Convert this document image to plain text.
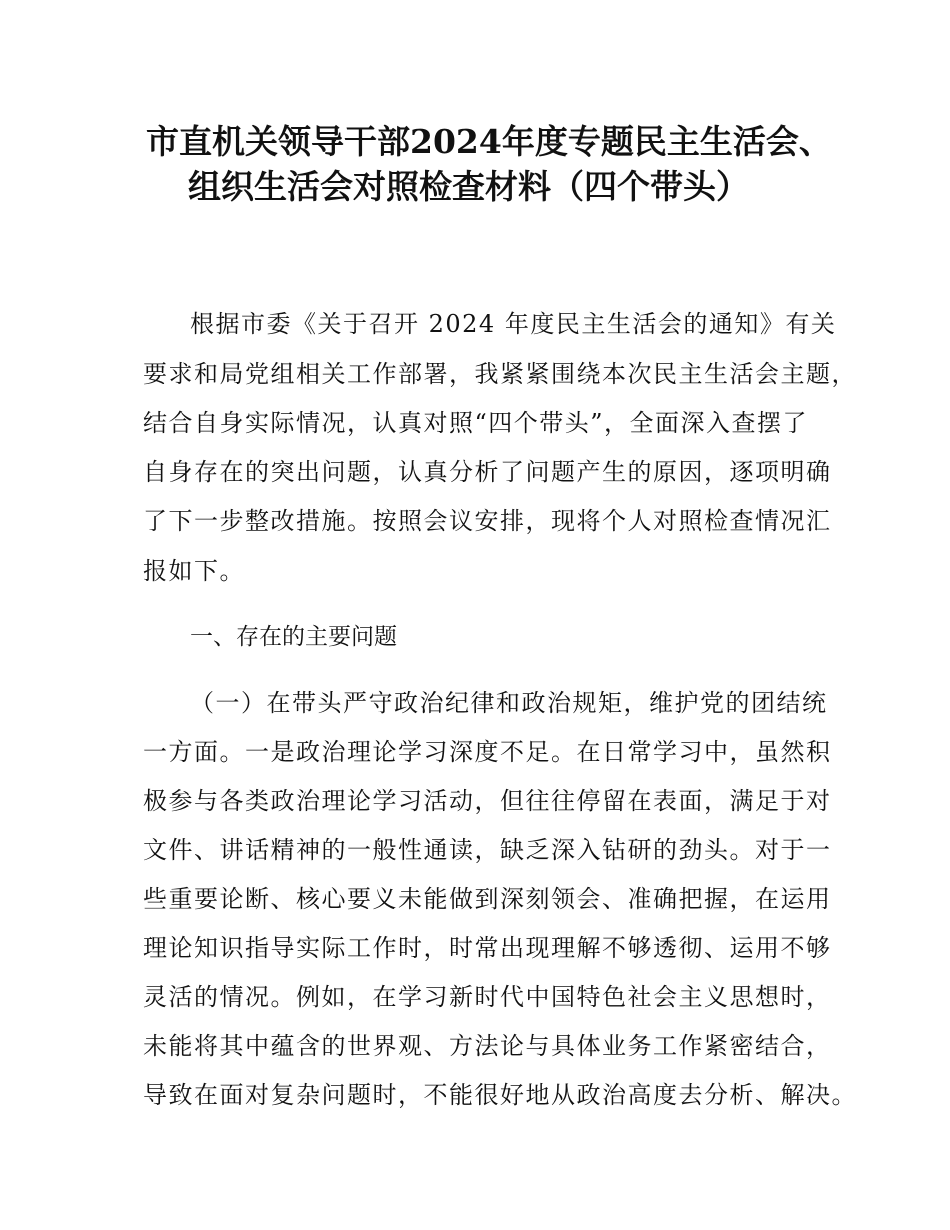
市直机关领导干部2024年度专题民主生活会、
组织生活会对照检查材料（四个带头）
根据市委《关于召开 2024 年度民主生活会的通知》有关
要求和局党组相关工作部署，我紧紧围绕本次民主生活会主题，
结合自身实际情况，认真对照“四个带头”，全面深入查摆了
自身存在的突出问题，认真分析了问题产生的原因，逐项明确
了下一步整改措施。按照会议安排，现将个人对照检查情况汇
报如下。
一、存在的主要问题
（一）在带头严守政治纪律和政治规矩，维护党的团结统
一方面。一是政治理论学习深度不足。在日常学习中，虽然积
极参与各类政治理论学习活动，但往往停留在表面，满足于对
文件、讲话精神的一般性通读，缺乏深入钻研的劲头。对于一
些重要论断、核心要义未能做到深刻领会、准确把握，在运用
理论知识指导实际工作时，时常出现理解不够透彻、运用不够
灵活的情况。例如，在学习新时代中国特色社会主义思想时，
未能将其中蕴含的世界观、方法论与具体业务工作紧密结合，
导致在面对复杂问题时，不能很好地从政治高度去分析、解决。
